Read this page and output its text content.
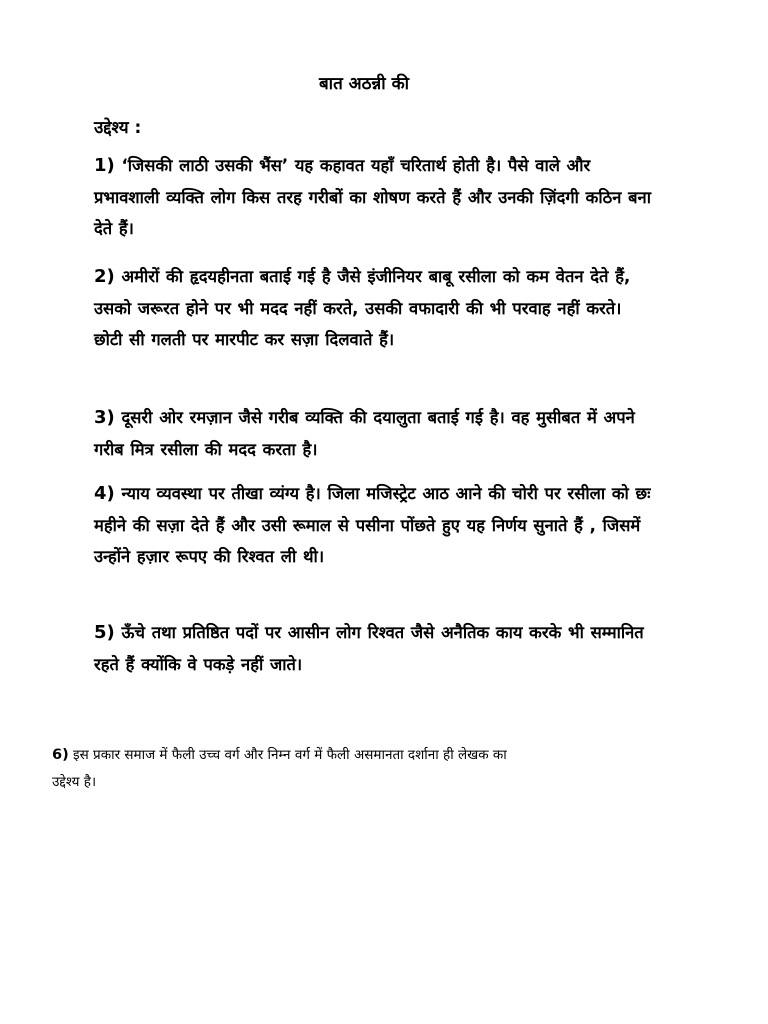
बात अठन्नी की
उद्देश्य :
1) ‘जिसकी लाठी उसकी भैंस’ यह कहावत यहाँ चरितार्थ होती है। पैसे वाले और प्रभावशाली व्यक्ति लोग किस तरह गरीबों का शोषण करते हैं और उनकी ज़िंदगी कठिन बना देते हैं।
2) अमीरों की हृदयहीनता बताई गई है जैसे इंजीनियर बाबू रसीला को कम वेतन देते हैं, उसको जरूरत होने पर भी मदद नहीं करते, उसकी वफादारी की भी परवाह नहीं करते। छोटी सी गलती पर मारपीट कर सज़ा दिलवाते हैं।
3) दूसरी ओर रमज़ान जैसे गरीब व्यक्ति की दयालुता बताई गई है। वह मुसीबत में अपने गरीब मित्र रसीला की मदद करता है।
4) न्याय व्यवस्था पर तीखा व्यंग्य है। जिला मजिस्ट्रेट आठ आने की चोरी पर रसीला को छः महीने की सज़ा देते हैं और उसी रूमाल से पसीना पोंछते हुए यह निर्णय सुनाते हैं , जिसमें उन्होंने हज़ार रूपए की रिश्वत ली थी।
5) ऊँचे तथा प्रतिष्ठित पदों पर आसीन लोग रिश्वत जैसे अनैतिक काय करके भी सम्मानित रहते हैं क्योंकि वे पकड़े नहीं जाते।
6) इस प्रकार समाज में फैली उच्च वर्ग और निम्न वर्ग में फैली असमानता दर्शाना ही लेखक का उद्देश्य है।
